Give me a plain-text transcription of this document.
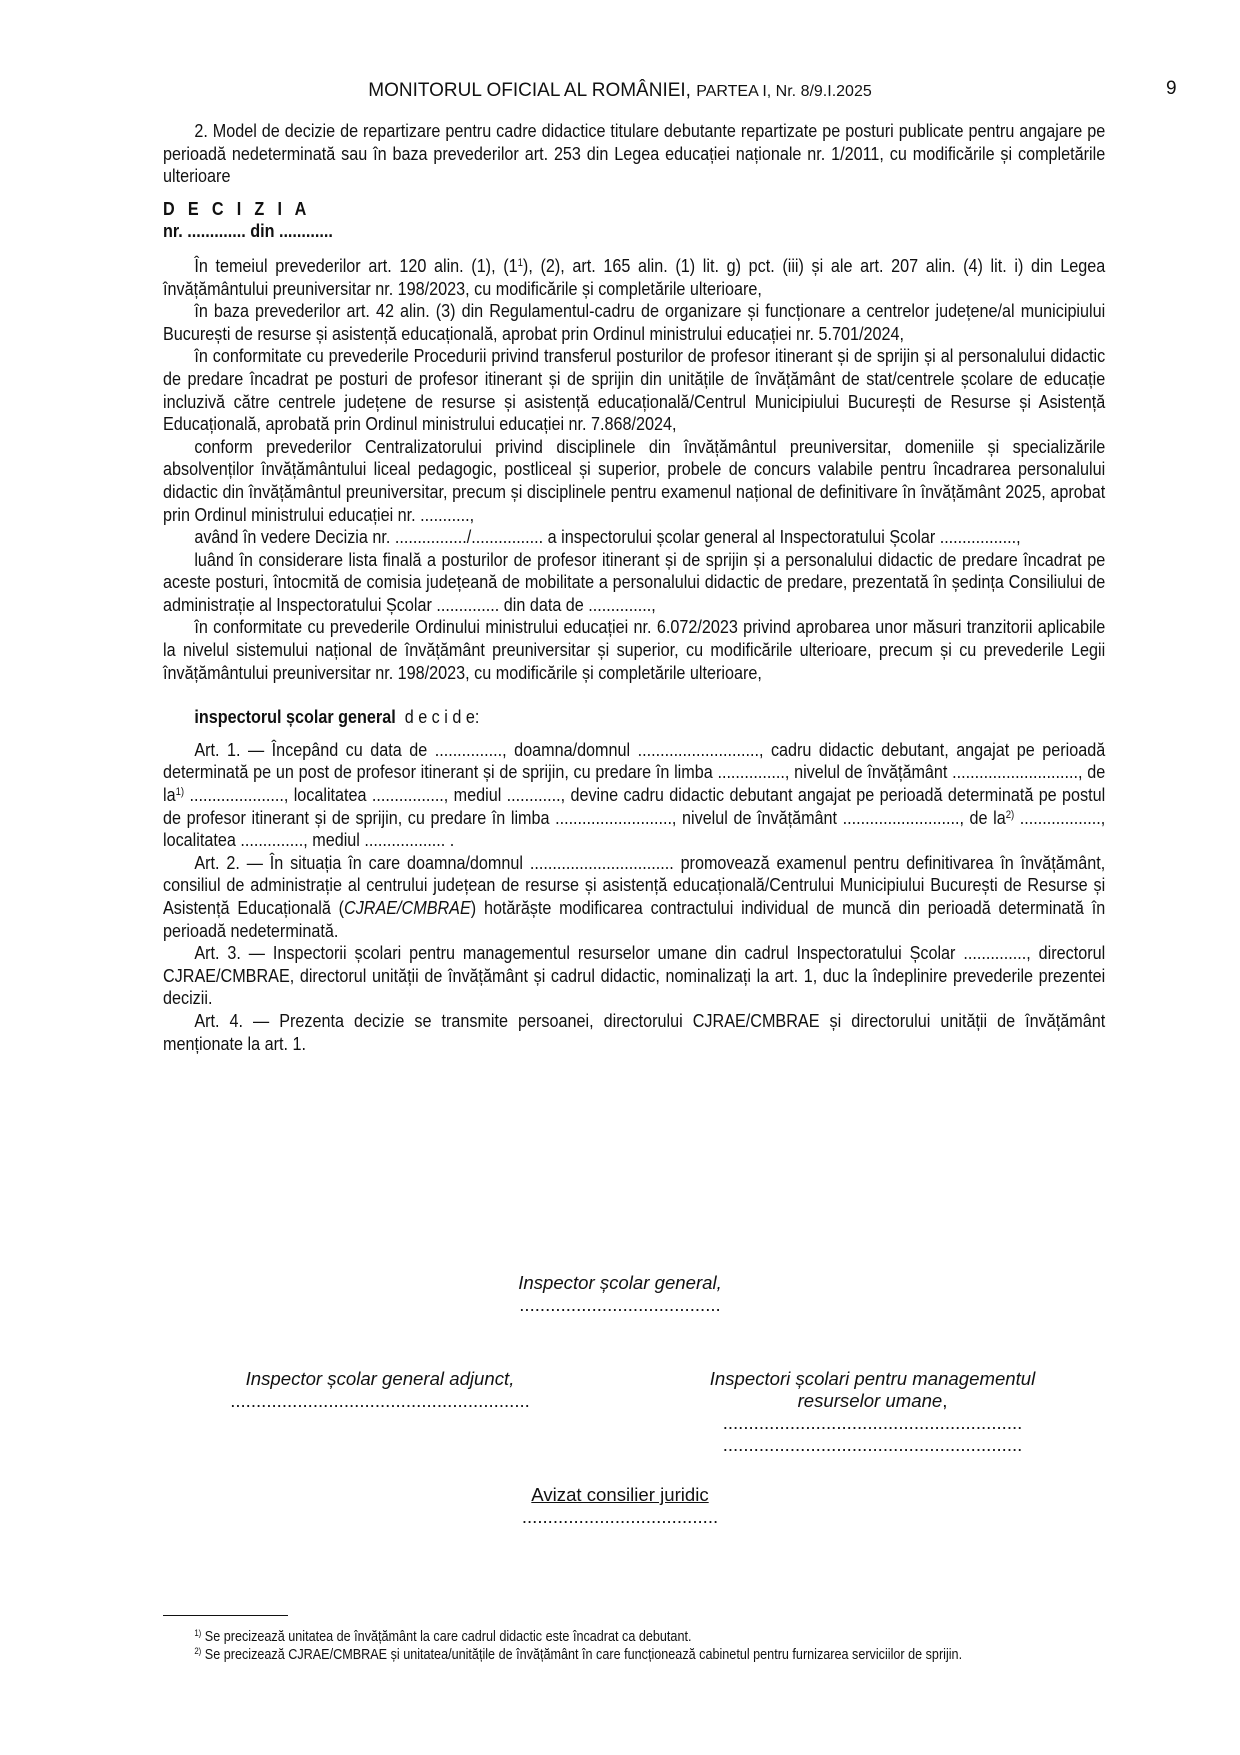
MONITORUL OFICIAL AL ROMÂNIEI, PARTEA I, Nr. 8/9.I.2025	9

2. Model de decizie de repartizare pentru cadre didactice titulare debutante repartizate pe posturi publicate pentru angajare pe perioadă nedeterminată sau în baza prevederilor art. 253 din Legea educației naționale nr. 1/2011, cu modificările și completările ulterioare

D E C I Z I A

nr. ............. din ............

În temeiul prevederilor art. 120 alin. (1), $(1^1)$, (2), art. 165 alin. (1) lit. g) pct. (iii) și ale art. 207 alin. (4) lit. i) din Legea învățământului preuniversitar nr. 198/2023, cu modificările și completările ulterioare,

în baza prevederilor art. 42 alin. (3) din Regulamentul-cadru de organizare și funcționare a centrelor județene/al municipiului București de resurse și asistență educațională, aprobat prin Ordinul ministrului educației nr. 5.701/2024,

în conformitate cu prevederile Procedurii privind transferul posturilor de profesor itinerant și de sprijin și al personalului didactic de predare încadrat pe posturi de profesor itinerant și de sprijin din unitățile de învățământ de stat/centrele școlare de educație incluzivă către centrele județene de resurse și asistență educațională/Centrul Municipiului București de Resurse și Asistență Educațională, aprobată prin Ordinul ministrului educației nr. 7.868/2024,

conform prevederilor Centralizatorului privind disciplinele din învățământul preuniversitar, domeniile și specializările absolvenților învățământului liceal pedagogic, postliceal și superior, probele de concurs valabile pentru încadrarea personalului didactic din învățământul preuniversitar, precum și disciplinele pentru examenul național de definitivare în învățământ 2025, aprobat prin Ordinul ministrului educației nr. ...........,

având în vedere Decizia nr. ................/................ a inspectorului școlar general al Inspectoratului Școlar .................,

luând în considerare lista finală a posturilor de profesor itinerant și de sprijin și a personalului didactic de predare încadrat pe aceste posturi, întocmită de comisia județeană de mobilitate a personalului didactic de predare, prezentată în ședința Consiliului de administrație al Inspectoratului Școlar .............. din data de ..............,

în conformitate cu prevederile Ordinului ministrului educației nr. 6.072/2023 privind aprobarea unor măsuri tranzitorii aplicabile la nivelul sistemului național de învățământ preuniversitar și superior, cu modificările ulterioare, precum și cu prevederile Legii învățământului preuniversitar nr. 198/2023, cu modificările și completările ulterioare,

inspectorul școlar general d e c i d e:

Art. 1. — Începând cu data de ..............., doamna/domnul ..........................., cadru didactic debutant, angajat pe perioadă determinată pe un post de profesor itinerant și de sprijin, cu predare în limba ..............., nivelul de învățământ ............................, de $la^{1)}$ ....................., localitatea ................, mediul ............, devine cadru didactic debutant angajat pe perioadă determinată pe postul de profesor itinerant și de sprijin, cu predare în limba .........................., nivelul de învățământ .........................., de $la^{2)}$ .................., localitatea .............., mediul .................. .

Art. 2. — În situația în care doamna/domnul ................................ promovează examenul pentru definitivarea în învățământ, consiliul de administrație al centrului județean de resurse și asistență educațională/Centrului Municipiului București de Resurse și Asistență Educațională (CJRAE/CMBRAE) hotărăște modificarea contractului individual de muncă din perioadă determinată în perioadă nedeterminată.

Art. 3. — Inspectorii școlari pentru managementul resurselor umane din cadrul Inspectoratului Școlar .............., directorul CJRAE/CMBRAE, directorul unității de învățământ și cadrul didactic, nominalizați la art. 1, duc la îndeplinire prevederile prezentei decizii.

Art. 4. — Prezenta decizie se transmite persoanei, directorului CJRAE/CMBRAE și directorului unității de învățământ menționate la art. 1.

Inspector școlar general,
.......................................
Inspector școlar general adjunct,
..........................................................
Inspectori școlari pentru managementul
resurselor umane,
..........................................................
..........................................................
Avizat consilier juridic
......................................

$^{1)}$ Se precizează unitatea de învățământ la care cadrul didactic este încadrat ca debutant.

$^{2)}$ Se precizează CJRAE/CMBRAE și unitatea/unitățile de învățământ în care funcționează cabinetul pentru furnizarea serviciilor de sprijin.
